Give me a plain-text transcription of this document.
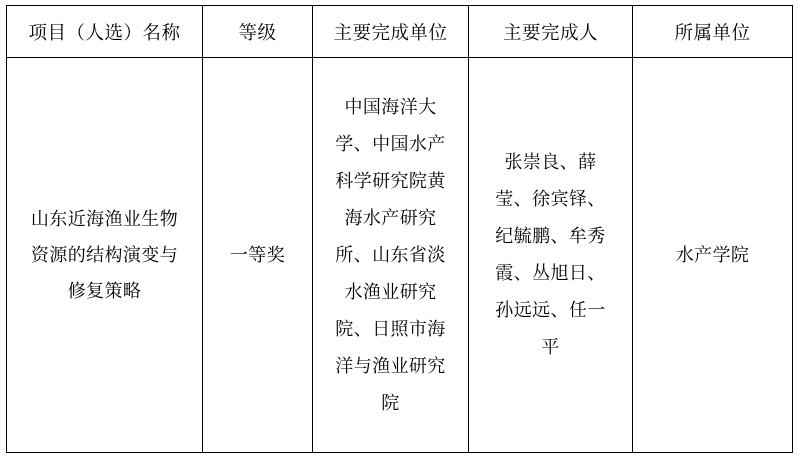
项目（人选）名称	等级	主要完成单位	主要完成人	所属单位

山东近海渔业生物资源的结构演变与修复策略	一等奖	中国海洋大学、中国水产科学研究院黄海水产研究所、山东省淡水渔业研究院、日照市海洋与渔业研究院	张崇良、薛莹、徐宾铎、纪毓鹏、牟秀霞、丛旭日、孙远远、任一平	水产学院
